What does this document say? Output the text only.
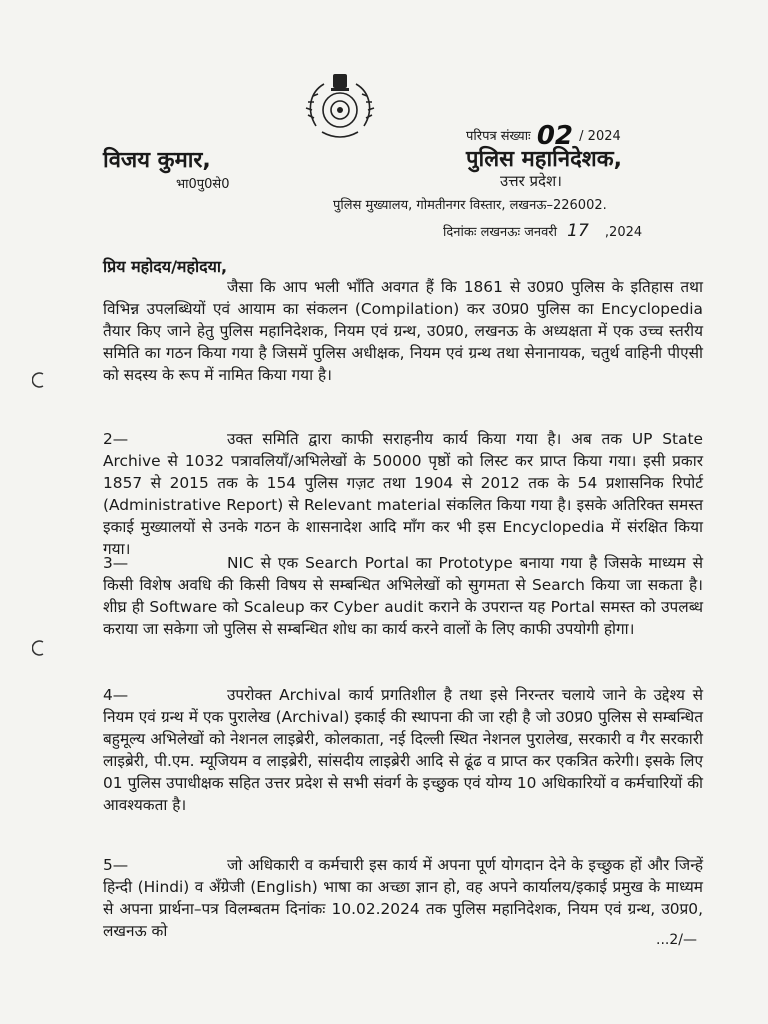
परिपत्र संख्याः 02 / 2024
विजय कुमार,
भा0पु0से0
पुलिस महानिदेशक,
उत्तर प्रदेश।
पुलिस मुख्यालय, गोमतीनगर विस्तार, लखनऊ–226002.
दिनांकः लखनऊः जनवरी 17 ,2024
प्रिय महोदय/महोदया,
जैसा कि आप भली भाँति अवगत हैं कि 1861 से उ0प्र0 पुलिस के इतिहास तथा विभिन्न उपलब्धियों एवं आयाम का संकलन (Compilation) कर उ0प्र0 पुलिस का Encyclopedia तैयार किए जाने हेतु पुलिस महानिदेशक, नियम एवं ग्रन्थ, उ0प्र0, लखनऊ के अध्यक्षता में एक उच्च स्तरीय समिति का गठन किया गया है जिसमें पुलिस अधीक्षक, नियम एवं ग्रन्थ तथा सेनानायक, चतुर्थ वाहिनी पीएसी को सदस्य के रूप में नामित किया गया है।
2—	उक्त समिति द्वारा काफी सराहनीय कार्य किया गया है। अब तक UP State Archive से 1032 पत्रावलियाँ/अभिलेखों के 50000 पृष्ठों को लिस्ट कर प्राप्त किया गया। इसी प्रकार 1857 से 2015 तक के 154 पुलिस गज़ट तथा 1904 से 2012 तक के 54 प्रशासनिक रिपोर्ट (Administrative Report) से Relevant material संकलित किया गया है। इसके अतिरिक्त समस्त इकाई मुख्यालयों से उनके गठन के शासनादेश आदि माँग कर भी इस Encyclopedia में संरक्षित किया गया।
3—	NIC से एक Search Portal का Prototype बनाया गया है जिसके माध्यम से किसी विशेष अवधि की किसी विषय से सम्बन्धित अभिलेखों को सुगमता से Search किया जा सकता है। शीघ्र ही Software को Scaleup कर Cyber audit कराने के उपरान्त यह Portal समस्त को उपलब्ध कराया जा सकेगा जो पुलिस से सम्बन्धित शोध का कार्य करने वालों के लिए काफी उपयोगी होगा।
4—	उपरोक्त Archival कार्य प्रगतिशील है तथा इसे निरन्तर चलाये जाने के उद्देश्य से नियम एवं ग्रन्थ में एक पुरालेख (Archival) इकाई की स्थापना की जा रही है जो उ0प्र0 पुलिस से सम्बन्धित बहुमूल्य अभिलेखों को नेशनल लाइब्रेरी, कोलकाता, नई दिल्ली स्थित नेशनल पुरालेख, सरकारी व गैर सरकारी लाइब्रेरी, पी.एम. म्यूजियम व लाइब्रेरी, सांसदीय लाइब्रेरी आदि से ढूंढ व प्राप्त कर एकत्रित करेगी। इसके लिए 01 पुलिस उपाधीक्षक सहित उत्तर प्रदेश से सभी संवर्ग के इच्छुक एवं योग्य 10 अधिकारियों व कर्मचारियों की आवश्यकता है।
5—	जो अधिकारी व कर्मचारी इस कार्य में अपना पूर्ण योगदान देने के इच्छुक हों और जिन्हें हिन्दी (Hindi) व अँग्रेजी (English) भाषा का अच्छा ज्ञान हो, वह अपने कार्यालय/इकाई प्रमुख के माध्यम से अपना प्रार्थना–पत्र विलम्बतम दिनांकः 10.02.2024 तक पुलिस महानिदेशक, नियम एवं ग्रन्थ, उ0प्र0, लखनऊ को	...2/—
